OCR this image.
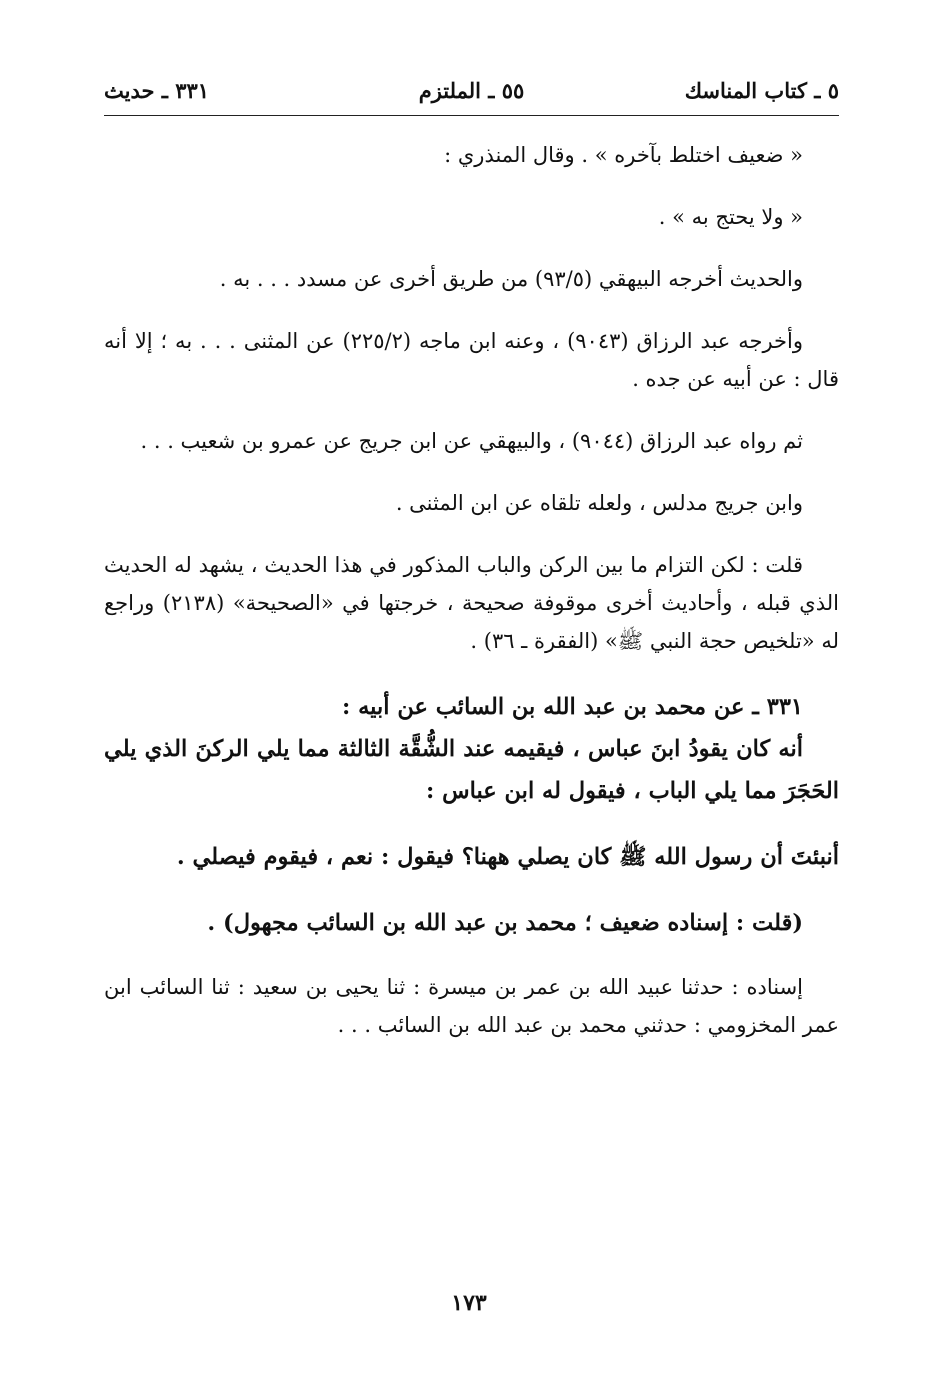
٥ ـ كتاب المناسك
٥٥ ـ الملتزم
٣٣١ ـ حديث

« ضعيف اختلط بآخره » . وقال المنذري :

« ولا يحتج به » .

والحديث أخرجه البيهقي (٩٣/٥) من طريق أخرى عن مسدد . . . به .

وأخرجه عبد الرزاق (٩٠٤٣) ، وعنه ابن ماجه (٢٢٥/٢) عن المثنى . . . به ؛ إلا أنه قال : عن أبيه عن جده .

ثم رواه عبد الرزاق (٩٠٤٤) ، والبيهقي عن ابن جريج عن عمرو بن شعيب . . .

وابن جريج مدلس ، ولعله تلقاه عن ابن المثنى .

قلت : لكن التزام ما بين الركن والباب المذكور في هذا الحديث ، يشهد له الحديث الذي قبله ، وأحاديث أخرى موقوفة صحيحة ، خرجتها في «الصحيحة» (٢١٣٨) وراجع له «تلخيص حجة النبي ﷺ» (الفقرة ـ ٣٦) .

٣٣١ ـ عن محمد بن عبد الله بن السائب عن أبيه :

أنه كان يقودُ ابنَ عباس ، فيقيمه عند الشُّقَّة الثالثة مما يلي الركنَ الذي يلي الحَجَرَ مما يلي الباب ، فيقول له ابن عباس :

أنبئتَ أن رسول الله ﷺ كان يصلي ههنا؟ فيقول : نعم ، فيقوم فيصلي .

(قلت : إسناده ضعيف ؛ محمد بن عبد الله بن السائب مجهول) .

إسناده : حدثنا عبيد الله بن عمر بن ميسرة : ثنا يحيى بن سعيد : ثنا السائب ابن عمر المخزومي : حدثني محمد بن عبد الله بن السائب . . .

١٧٣
